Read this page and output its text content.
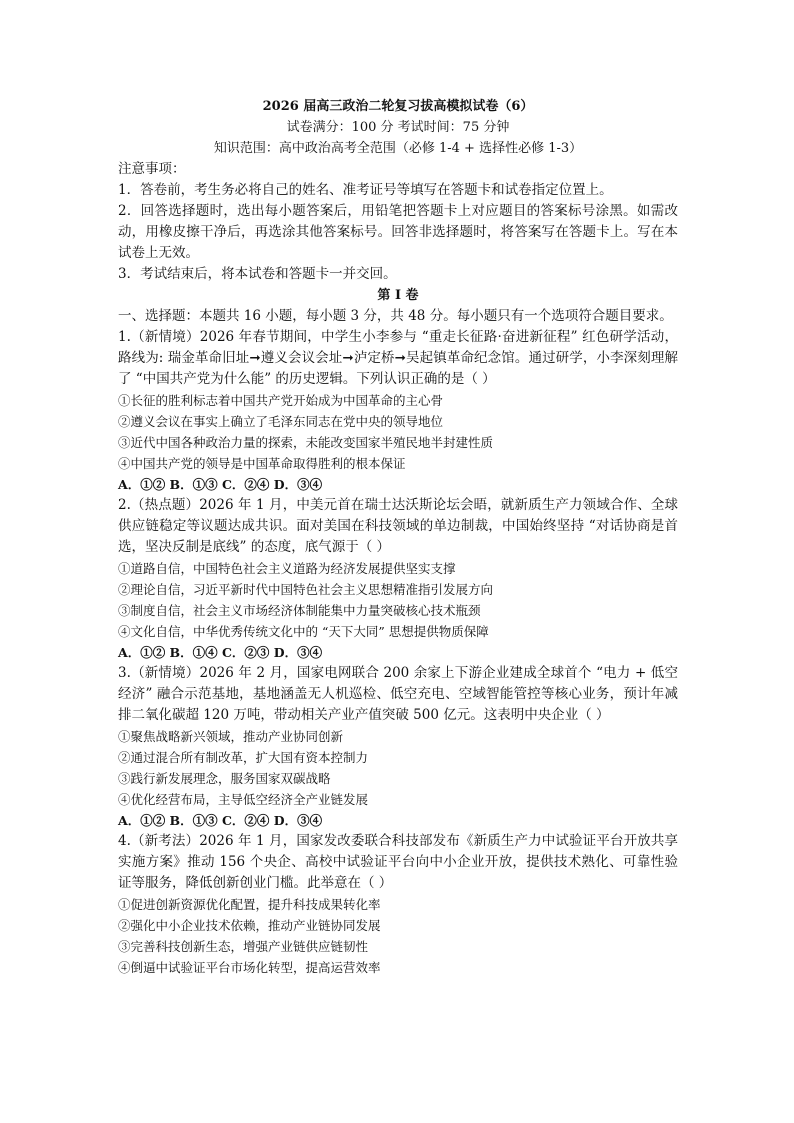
2026 届高三政治二轮复习拔高模拟试卷（6）
试卷满分：100 分 考试时间：75 分钟
知识范围：高中政治高考全范围（必修 1-4 + 选择性必修 1-3）

注意事项：

1．答卷前，考生务必将自己的姓名、准考证号等填写在答题卡和试卷指定位置上。

2．回答选择题时，选出每小题答案后，用铅笔把答题卡上对应题目的答案标号涂黑。如需改动，用橡皮擦干净后，再选涂其他答案标号。回答非选择题时，将答案写在答题卡上。写在本试卷上无效。

3．考试结束后，将本试卷和答题卡一并交回。

第 Ⅰ 卷

一、选择题：本题共 16 小题，每小题 3 分，共 48 分。每小题只有一个选项符合题目要求。

1.（新情境）2026 年春节期间，中学生小李参与 “重走长征路·奋进新征程” 红色研学活动，路线为: 瑞金革命旧址➞遵义会议会址➞泸定桥➞吴起镇革命纪念馆。通过研学，小李深刻理解了 “中国共产党为什么能” 的历史逻辑。下列认识正确的是（ ）

①长征的胜利标志着中国共产党开始成为中国革命的主心骨

②遵义会议在事实上确立了毛泽东同志在党中央的领导地位

③近代中国各种政治力量的探索，未能改变国家半殖民地半封建性质

④中国共产党的领导是中国革命取得胜利的根本保证

A．①② B．①③ C．②④ D．③④

2.（热点题）2026 年 1 月，中美元首在瑞士达沃斯论坛会晤，就新质生产力领域合作、全球供应链稳定等议题达成共识。面对美国在科技领域的单边制裁，中国始终坚持 “对话协商是首选，坚决反制是底线” 的态度，底气源于（ ）

①道路自信，中国特色社会主义道路为经济发展提供坚实支撑

②理论自信，习近平新时代中国特色社会主义思想精准指引发展方向

③制度自信，社会主义市场经济体制能集中力量突破核心技术瓶颈

④文化自信，中华优秀传统文化中的 “天下大同” 思想提供物质保障

A．①② B．①④ C．②③ D．③④

3.（新情境）2026 年 2 月，国家电网联合 200 余家上下游企业建成全球首个 “电力 + 低空经济” 融合示范基地，基地涵盖无人机巡检、低空充电、空域智能管控等核心业务，预计年减排二氧化碳超 120 万吨，带动相关产业产值突破 500 亿元。这表明中央企业（ ）

①聚焦战略新兴领域，推动产业协同创新

②通过混合所有制改革，扩大国有资本控制力

③践行新发展理念，服务国家双碳战略

④优化经营布局，主导低空经济全产业链发展

A．①② B．①③ C．②④ D．③④

4.（新考法）2026 年 1 月，国家发改委联合科技部发布《新质生产力中试验证平台开放共享实施方案》推动 156 个央企、高校中试验证平台向中小企业开放，提供技术熟化、可靠性验证等服务，降低创新创业门槛。此举意在（ ）

①促进创新资源优化配置，提升科技成果转化率

②强化中小企业技术依赖，推动产业链协同发展

③完善科技创新生态，增强产业链供应链韧性

④倒逼中试验证平台市场化转型，提高运营效率
